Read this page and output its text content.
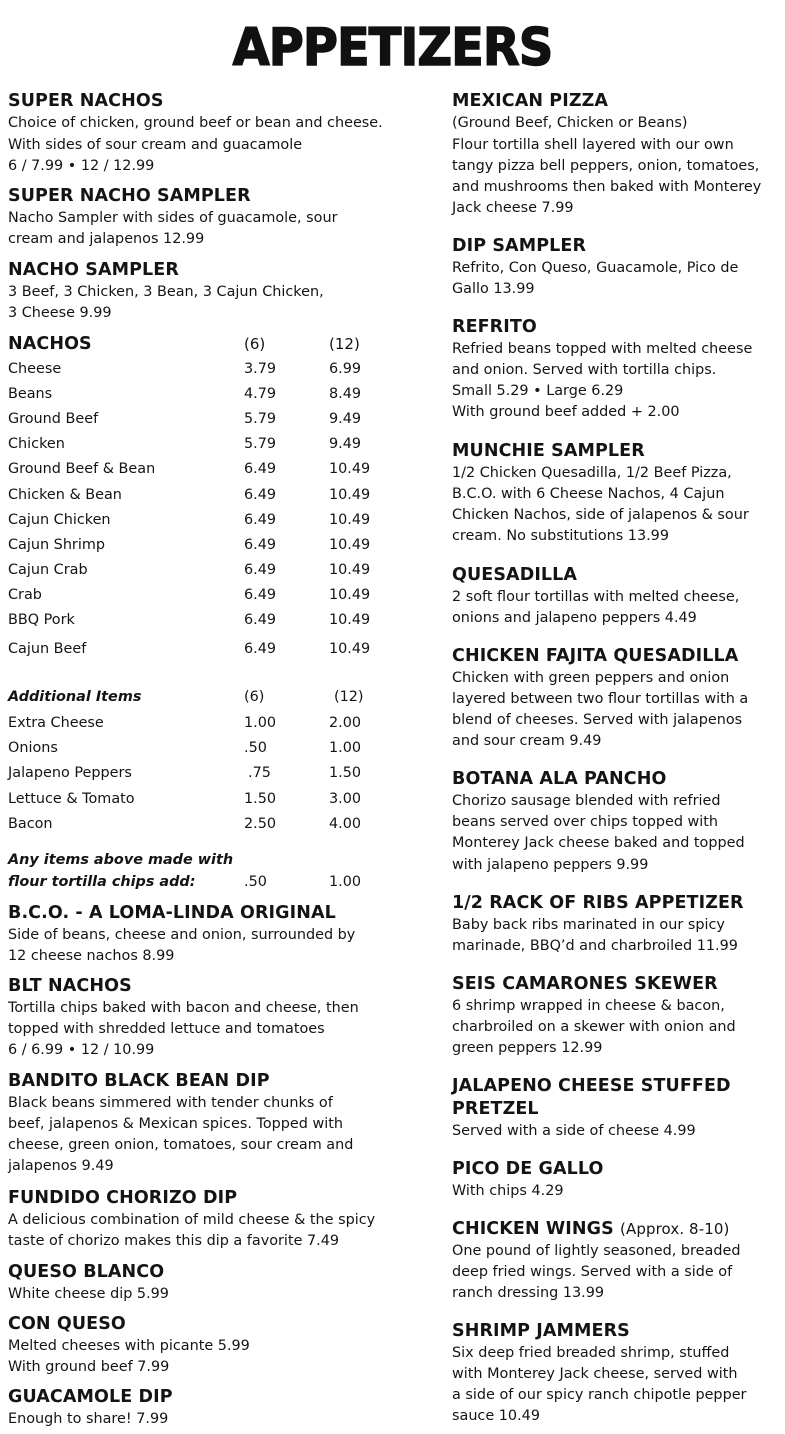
APPETIZERS
SUPER NACHOS
Choice of chicken, ground beef or bean and cheese.
With sides of sour cream and guacamole
6 / 7.99 • 12 / 12.99
SUPER NACHO SAMPLER
Nacho Sampler with sides of guacamole, sour
cream and jalapenos 12.99
NACHO SAMPLER
3 Beef, 3 Chicken, 3 Bean, 3 Cajun Chicken,
3 Cheese 9.99
NACHOS	(6)	(12)
Cheese	3.79	6.99
Beans	4.79	8.49
Ground Beef	5.79	9.49
Chicken	5.79	9.49
Ground Beef & Bean	6.49	10.49
Chicken & Bean	6.49	10.49
Cajun Chicken	6.49	10.49
Cajun Shrimp	6.49	10.49
Cajun Crab	6.49	10.49
Crab	6.49	10.49
BBQ Pork	6.49	10.49
Cajun Beef	6.49	10.49
Additional Items	(6)	(12)
Extra Cheese	1.00	2.00
Onions	.50	1.00
Jalapeno Peppers	.75	1.50
Lettuce & Tomato	1.50	3.00
Bacon	2.50	4.00
Any items above made with
flour tortilla chips add:	.50	1.00
B.C.O. - A LOMA-LINDA ORIGINAL
Side of beans, cheese and onion, surrounded by
12 cheese nachos 8.99
BLT NACHOS
Tortilla chips baked with bacon and cheese, then
topped with shredded lettuce and tomatoes
6 / 6.99 • 12 / 10.99
BANDITO BLACK BEAN DIP
Black beans simmered with tender chunks of
beef, jalapenos & Mexican spices. Topped with
cheese, green onion, tomatoes, sour cream and
jalapenos 9.49
FUNDIDO CHORIZO DIP
A delicious combination of mild cheese & the spicy
taste of chorizo makes this dip a favorite 7.49
QUESO BLANCO
White cheese dip 5.99
CON QUESO
Melted cheeses with picante 5.99
With ground beef 7.99
GUACAMOLE DIP
Enough to share! 7.99
MEXICAN PIZZA
(Ground Beef, Chicken or Beans)
Flour tortilla shell layered with our own
tangy pizza bell peppers, onion, tomatoes,
and mushrooms then baked with Monterey
Jack cheese 7.99
DIP SAMPLER
Refrito, Con Queso, Guacamole, Pico de
Gallo 13.99
REFRITO
Refried beans topped with melted cheese
and onion. Served with tortilla chips.
Small 5.29 • Large 6.29
With ground beef added + 2.00
MUNCHIE SAMPLER
1/2 Chicken Quesadilla, 1/2 Beef Pizza,
B.C.O. with 6 Cheese Nachos, 4 Cajun
Chicken Nachos, side of jalapenos & sour
cream. No substitutions 13.99
QUESADILLA
2 soft flour tortillas with melted cheese,
onions and jalapeno peppers 4.49
CHICKEN FAJITA QUESADILLA
Chicken with green peppers and onion
layered between two flour tortillas with a
blend of cheeses. Served with jalapenos
and sour cream 9.49
BOTANA ALA PANCHO
Chorizo sausage blended with refried
beans served over chips topped with
Monterey Jack cheese baked and topped
with jalapeno peppers 9.99
1/2 RACK OF RIBS APPETIZER
Baby back ribs marinated in our spicy
marinade, BBQ’d and charbroiled 11.99
SEIS CAMARONES SKEWER
6 shrimp wrapped in cheese & bacon,
charbroiled on a skewer with onion and
green peppers 12.99
JALAPENO CHEESE STUFFED
PRETZEL
Served with a side of cheese 4.99
PICO DE GALLO
With chips 4.29
CHICKEN WINGS (Approx. 8-10)
One pound of lightly seasoned, breaded
deep fried wings. Served with a side of
ranch dressing 13.99
SHRIMP JAMMERS
Six deep fried breaded shrimp, stuffed
with Monterey Jack cheese, served with
a side of our spicy ranch chipotle pepper
sauce 10.49
